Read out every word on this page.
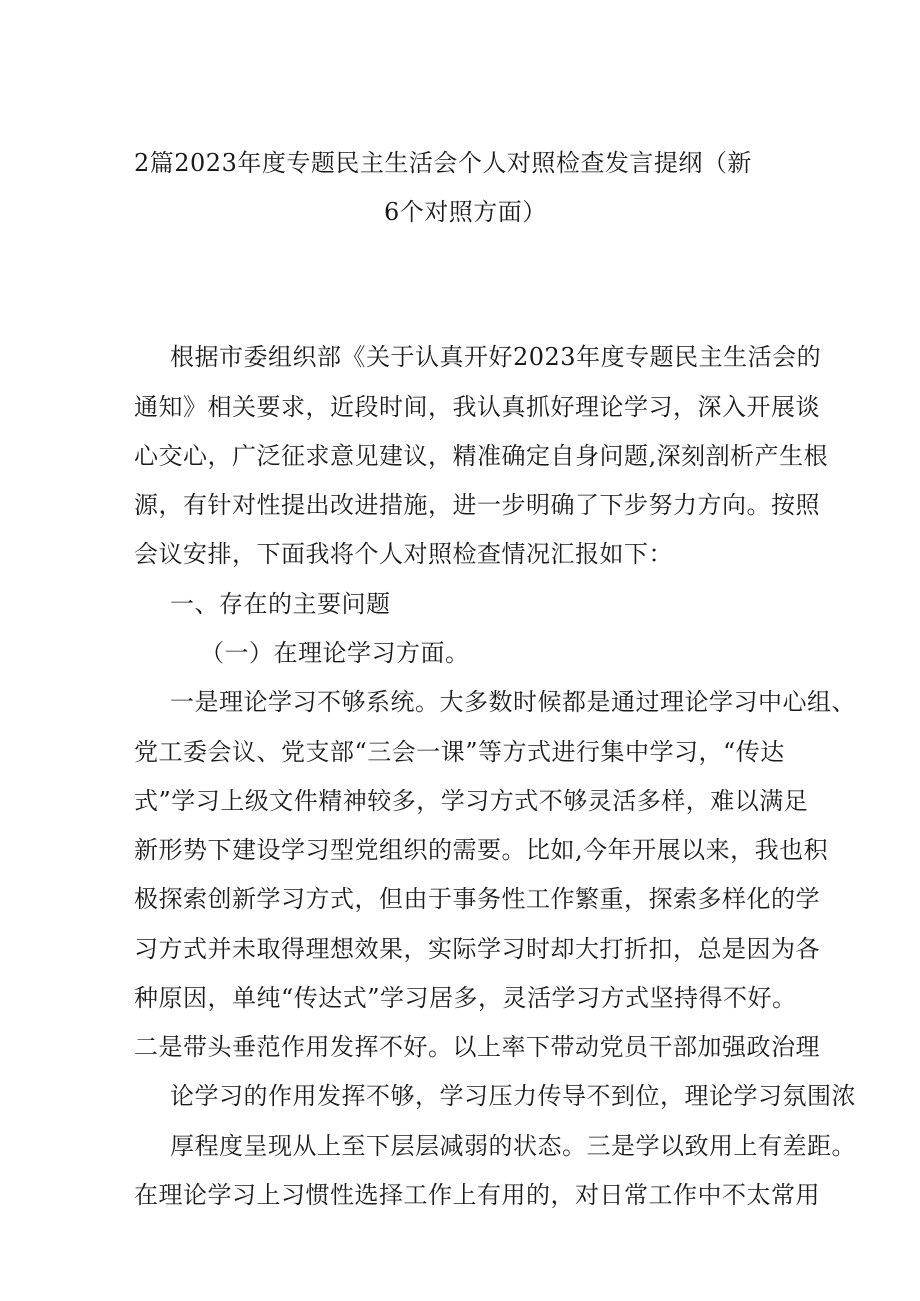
2篇2023年度专题民主生活会个人对照检查发言提纲（新
6个对照方面）
根据市委组织部《关于认真开好2023年度专题民主生活会的
通知》相关要求，近段时间，我认真抓好理论学习，深入开展谈
心交心，广泛征求意见建议，精准确定自身问题,深刻剖析产生根
源，有针对性提出改进措施，进一步明确了下步努力方向。按照
会议安排，下面我将个人对照检查情况汇报如下：
一、存在的主要问题
（一）在理论学习方面。
一是理论学习不够系统。大多数时候都是通过理论学习中心组、
党工委会议、党支部“三会一课”等方式进行集中学习，“传达
式”学习上级文件精神较多，学习方式不够灵活多样，难以满足
新形势下建设学习型党组织的需要。比如,今年开展以来，我也积
极探索创新学习方式，但由于事务性工作繁重，探索多样化的学
习方式并未取得理想效果，实际学习时却大打折扣，总是因为各
种原因，单纯“传达式”学习居多，灵活学习方式坚持得不好。
二是带头垂范作用发挥不好。以上率下带动党员干部加强政治理
论学习的作用发挥不够，学习压力传导不到位，理论学习氛围浓
厚程度呈现从上至下层层减弱的状态。三是学以致用上有差距。
在理论学习上习惯性选择工作上有用的，对日常工作中不太常用
